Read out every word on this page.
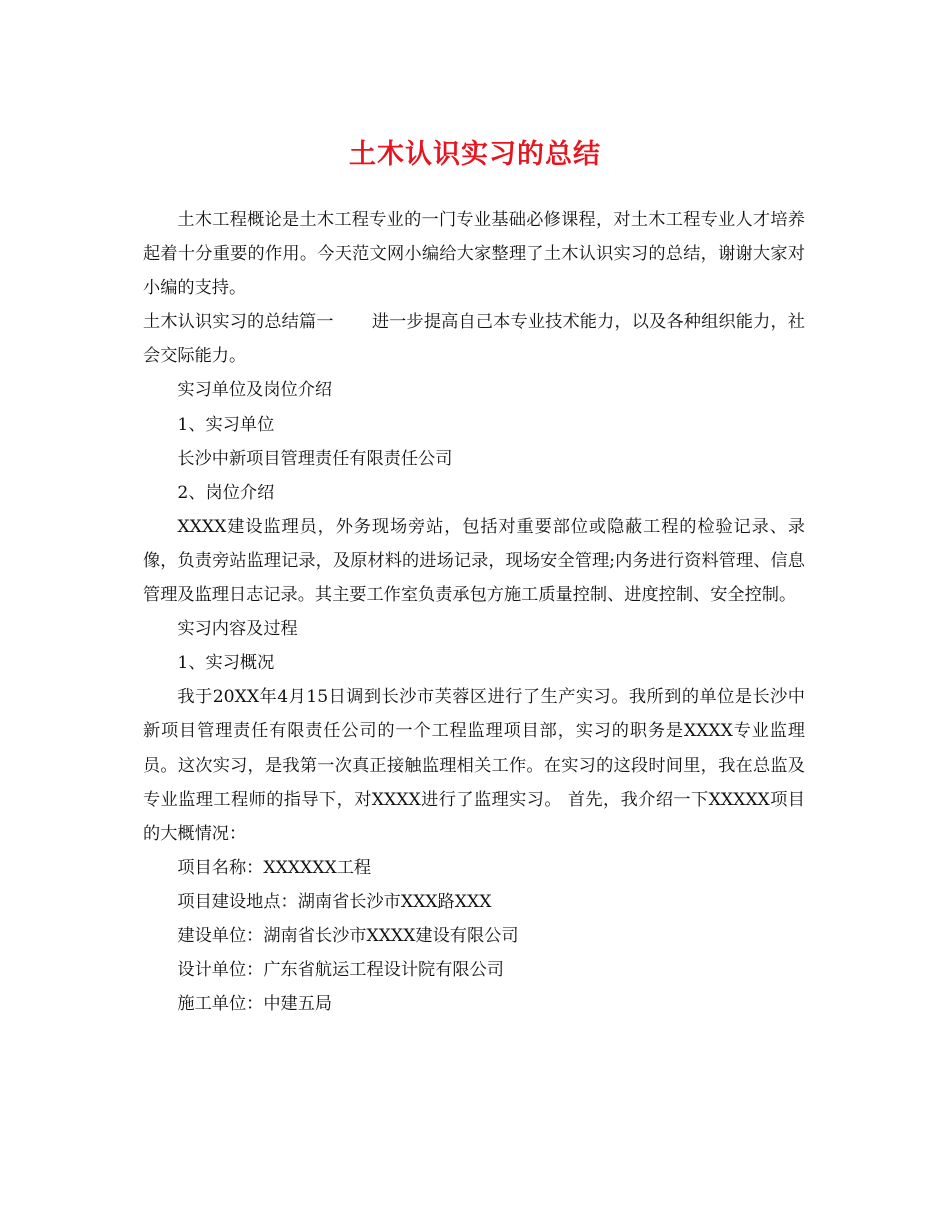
土木认识实习的总结

土木工程概论是土木工程专业的一门专业基础必修课程，对土木工程专业人才培养起着十分重要的作用。今天范文网小编给大家整理了土木认识实习的总结，谢谢大家对小编的支持。

土木认识实习的总结篇一 进一步提高自己本专业技术能力，以及各种组织能力，社会交际能力。

实习单位及岗位介绍

1、实习单位

长沙中新项目管理责任有限责任公司

2、岗位介绍

XXXX建设监理员，外务现场旁站，包括对重要部位或隐蔽工程的检验记录、录像，负责旁站监理记录，及原材料的进场记录，现场安全管理;内务进行资料管理、信息管理及监理日志记录。其主要工作室负责承包方施工质量控制、进度控制、安全控制。

实习内容及过程

1、实习概况

我于20XX年4月15日调到长沙市芙蓉区进行了生产实习。我所到的单位是长沙中新项目管理责任有限责任公司的一个工程监理项目部，实习的职务是XXXX专业监理员。这次实习，是我第一次真正接触监理相关工作。在实习的这段时间里，我在总监及专业监理工程师的指导下，对XXXX进行了监理实习。 首先，我介绍一下XXXXX项目的大概情况：

项目名称：XXXXXX工程

项目建设地点：湖南省长沙市XXX路XXX

建设单位：湖南省长沙市XXXX建设有限公司

设计单位：广东省航运工程设计院有限公司

施工单位：中建五局
